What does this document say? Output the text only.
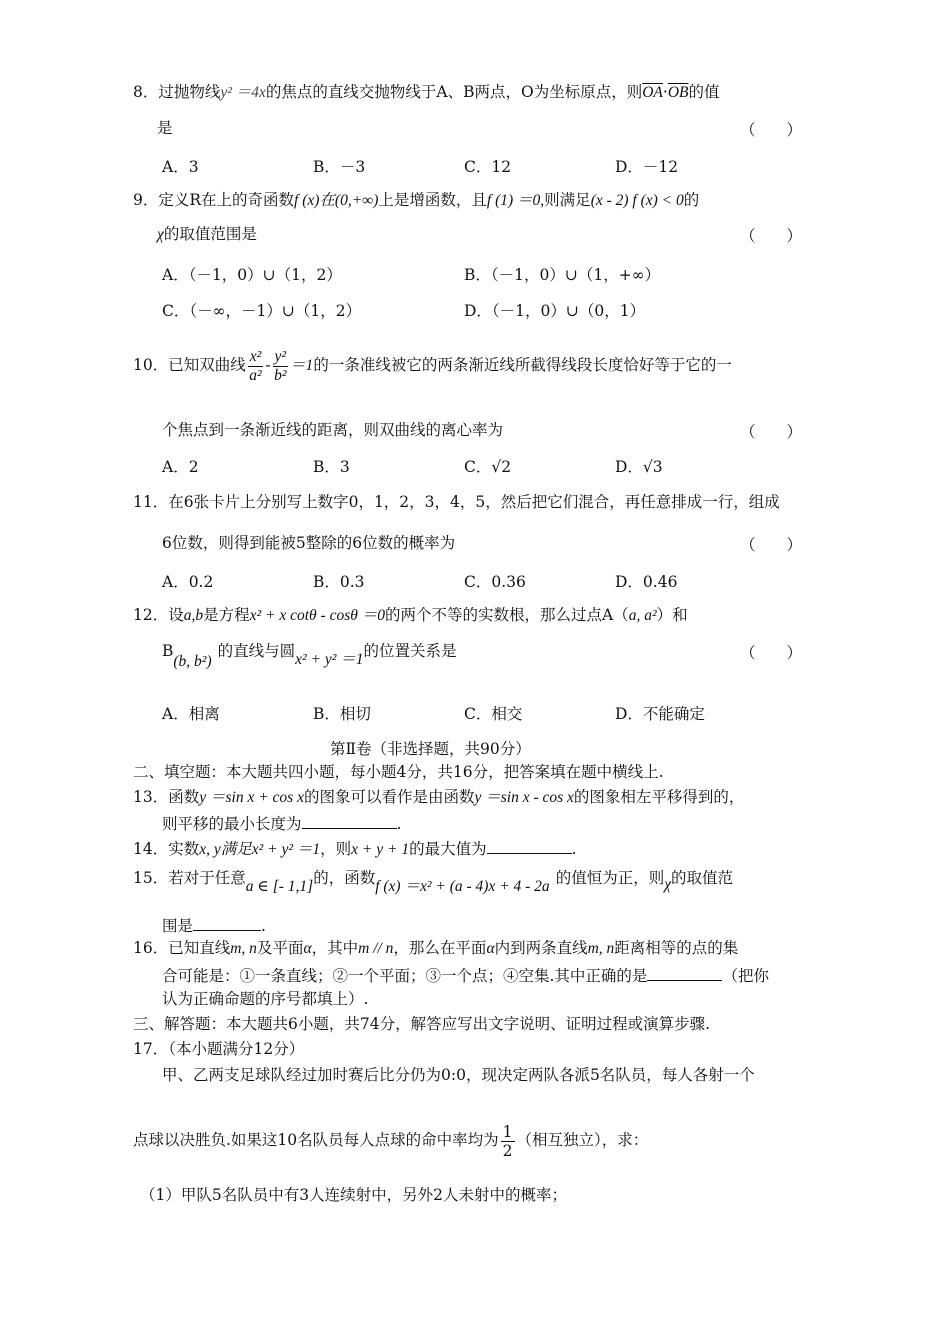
8．过抛物线y² ＝4x的焦点的直线交抛物线于A、B两点，O为坐标原点，则$\overline{OA}\cdot\overline{OB}$的值
是	（　　）
A．3	B．－3	C．12	D．－12
9．定义R在上的奇函数f (x)在(0,+∞)上是增函数，且f (1) ＝0,则满足(x - 2) f (x) < 0的
χ的取值范围是	（　　）
A．（－1，0）∪（1，2）	B．（－1，0）∪（1，+∞）
C．（－∞，－1）∪（1，2）	D．（－1，0）∪（0，1）
10．已知双曲线 $\frac{\text{x²}}{\text{a²}} - \frac{\text{y²}}{\text{b²}} =1$的一条准线被它的两条渐近线所截得线段长度恰好等于它的一
个焦点到一条渐近线的距离，则双曲线的离心率为	（　　）
A．2	B．3	C．√2	D．√3
11．在6张卡片上分别写上数字0，1，2，3，4，5，然后把它们混合，再任意排成一行，组成
6位数，则得到能被5整除的6位数的概率为	（　　）
A．0.2	B．0.3	C．0.36	D．0.46
12．设a,b是方程x² + x cotθ - cosθ ＝0的两个不等的实数根，那么过点A（a, a²）和
B(b, b²)的直线与圆x² + y² ＝1的位置关系是	（　　）
A．相离	B．相切	C．相交	D．不能确定
第Ⅱ卷（非选择题，共90分）
二、填空题：本大题共四小题，每小题4分，共16分，把答案填在题中横线上.
13．函数y ＝sin x + cos x的图象可以看作是由函数y ＝sin x - cos x的图象相左平移得到的，
则平移的最小长度为	.
14．实数x, y满足x² + y² ＝1，则x + y + 1的最大值为	.
15．若对于任意a ∈ [- 1,1]的，函数f (x) ＝x² + (a - 4)x + 4 - 2a 的值恒为正，则χ的取值范
围是	.
16．已知直线m, n及平面α，其中m // n，那么在平面α内到两条直线m, n距离相等的点的集
合可能是：①一条直线；②一个平面；③一个点；④空集.其中正确的是	（把你
认为正确命题的序号都填上）.
三、解答题：本大题共6小题，共74分，解答应写出文字说明、证明过程或演算步骤.
17．（本小题满分12分）
甲、乙两支足球队经过加时赛后比分仍为0:0，现决定两队各派5名队员，每人各射一个
点球以决胜负.如果这10名队员每人点球的命中率均为 $\frac{1}{2}$ （相互独立），求：
（1）甲队5名队员中有3人连续射中，另外2人未射中的概率；
